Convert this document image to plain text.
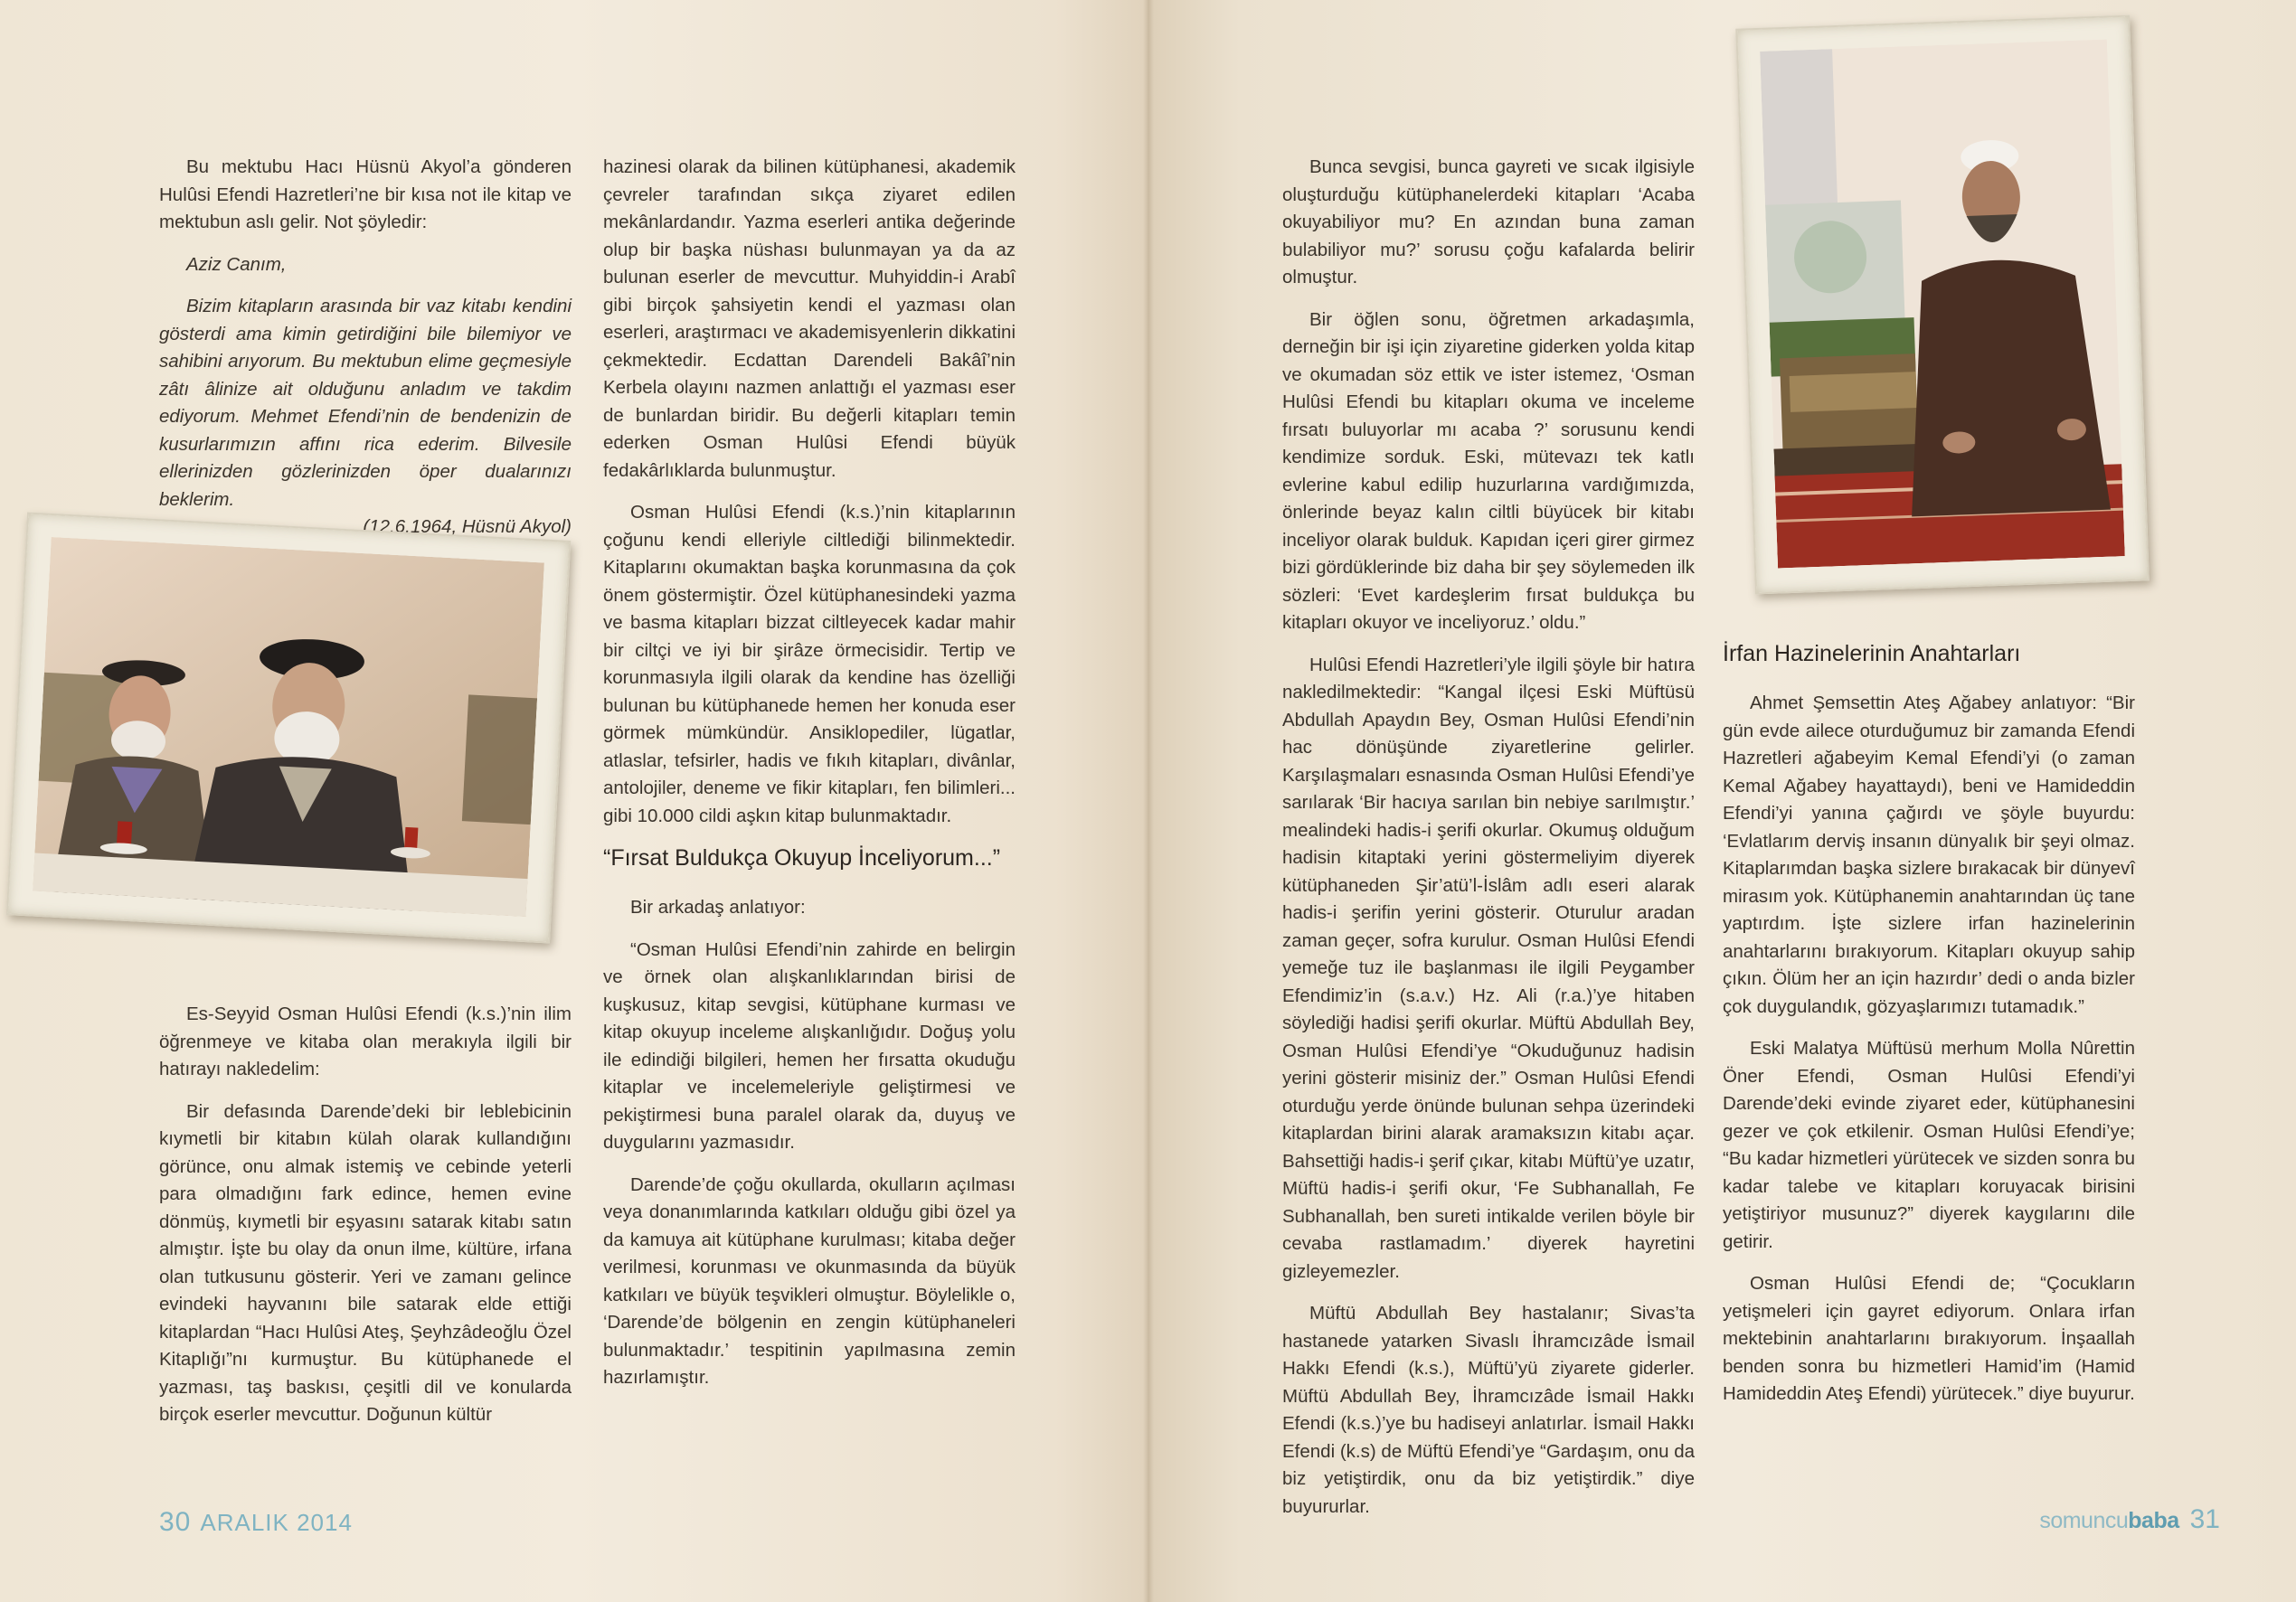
Bu mektubu Hacı Hüsnü Akyol’a gönderen Hulûsi Efendi Hazretleri’ne bir kısa not ile kitap ve mektubun aslı gelir. Not şöyledir:

Aziz Canım,

Bizim kitapların arasında bir vaz kitabı kendini gösterdi ama kimin getirdiğini bile bilemiyor ve sahibini arıyorum. Bu mektubun elime geçmesiyle zâtı âlinize ait olduğunu anladım ve takdim ediyorum. Mehmet Efendi’nin de bendenizin de kusurlarımızın affını rica ederim. Bilvesile ellerinizden gözlerinizden öper dualarınızı beklerim.

(12.6.1964, Hüsnü Akyol)

Es-Seyyid Osman Hulûsi Efendi (k.s.)’nin ilim öğrenmeye ve kitaba olan merakıyla ilgili bir hatırayı nakledelim:

Bir defasında Darende’deki bir leblebicinin kıymetli bir kitabın külah olarak kullandığını görünce, onu almak istemiş ve cebinde yeterli para olmadığını fark edince, hemen evine dönmüş, kıymetli bir eşyasını satarak kitabı satın almıştır. İşte bu olay da onun ilme, kültüre, irfana olan tutkusunu gösterir. Yeri ve zamanı gelince evindeki hayvanını bile satarak elde ettiği kitaplardan “Hacı Hulûsi Ateş, Şeyhzâdeoğlu Özel Kitaplığı”nı kurmuştur. Bu kütüphanede el yazması, taş baskısı, çeşitli dil ve konularda birçok eserler mevcuttur. Doğunun kültür

hazinesi olarak da bilinen kütüphanesi, akademik çevreler tarafından sıkça ziyaret edilen mekânlardandır. Yazma eserleri antika değerinde olup bir başka nüshası bulunmayan ya da az bulunan eserler de mevcuttur. Muhyiddin-i Arabî gibi birçok şahsiyetin kendi el yazması olan eserleri, araştırmacı ve akademisyenlerin dikkatini çekmektedir. Ecdattan Darendeli Bakâî’nin Kerbela olayını nazmen anlattığı el yazması eser de bunlardan biridir. Bu değerli kitapları temin ederken Osman Hulûsi Efendi büyük fedakârlıklarda bulunmuştur.

Osman Hulûsi Efendi (k.s.)’nin kitaplarının çoğunu kendi elleriyle ciltlediği bilinmektedir. Kitaplarını okumaktan başka korunmasına da çok önem göstermiştir. Özel kütüphanesindeki yazma ve basma kitapları bizzat ciltleyecek kadar mahir bir ciltçi ve iyi bir şirâze örmecisidir. Tertip ve korunmasıyla ilgili olarak da kendine has özelliği bulunan bu kütüphanede hemen her konuda eser görmek mümkündür. Ansiklopediler, lügatlar, atlaslar, tefsirler, hadis ve fıkıh kitapları, divânlar, antolojiler, deneme ve fikir kitapları, fen bilimleri... gibi 10.000 cildi aşkın kitap bulunmaktadır.

“Fırsat Buldukça Okuyup İnceliyorum...”

Bir arkadaş anlatıyor:

“Osman Hulûsi Efendi’nin zahirde en belirgin ve örnek olan alışkanlıklarından birisi de kuşkusuz, kitap sevgisi, kütüphane kurması ve kitap okuyup inceleme alışkanlığıdır. Doğuş yolu ile edindiği bilgileri, hemen her fırsatta okuduğu kitaplar ve incelemeleriyle geliştirmesi ve pekiştirmesi buna paralel olarak da, duyuş ve duygularını yazmasıdır.

Darende’de çoğu okullarda, okulların açılması veya donanımlarında katkıları olduğu gibi özel ya da kamuya ait kütüphane kurulması; kitaba değer verilmesi, korunması ve okunmasında da büyük katkıları ve büyük teşvikleri olmuştur. Böylelikle o, ‘Darende’de bölgenin en zengin kütüphaneleri bulunmaktadır.’ tespitinin yapılmasına zemin hazırlamıştır.

30 ARALIK 2014

Bunca sevgisi, bunca gayreti ve sıcak ilgisiyle oluşturduğu kütüphanelerdeki kitapları ‘Acaba okuyabiliyor mu? En azından buna zaman bulabiliyor mu?’ sorusu çoğu kafalarda belirir olmuştur.

Bir öğlen sonu, öğretmen arkadaşımla, derneğin bir işi için ziyaretine giderken yolda kitap ve okumadan söz ettik ve ister istemez, ‘Osman Hulûsi Efendi bu kitapları okuma ve inceleme fırsatı buluyorlar mı acaba ?’ sorusunu kendi kendimize sorduk. Eski, mütevazı tek katlı evlerine kabul edilip huzurlarına vardığımızda, önlerinde beyaz kalın ciltli büyücek bir kitabı inceliyor olarak bulduk. Kapıdan içeri girer girmez bizi gördüklerinde biz daha bir şey söylemeden ilk sözleri: ‘Evet kardeşlerim fırsat buldukça bu kitapları okuyor ve inceliyoruz.’ oldu.”

Hulûsi Efendi Hazretleri’yle ilgili şöyle bir hatıra nakledilmektedir: “Kangal ilçesi Eski Müftüsü Abdullah Apaydın Bey, Osman Hulûsi Efendi’nin hac dönüşünde ziyaretlerine gelirler. Karşılaşmaları esnasında Osman Hulûsi Efendi’ye sarılarak ‘Bir hacıya sarılan bin nebiye sarılmıştır.’ mealindeki hadis-i şerifi okurlar. Okumuş olduğum hadisin kitaptaki yerini göstermeliyim diyerek kütüphaneden Şir’atü’l-İslâm adlı eseri alarak hadis-i şerifin yerini gösterir. Oturulur aradan zaman geçer, sofra kurulur. Osman Hulûsi Efendi yemeğe tuz ile başlanması ile ilgili Peygamber Efendimiz’in (s.a.v.) Hz. Ali (r.a.)’ye hitaben söylediği hadisi şerifi okurlar. Müftü Abdullah Bey, Osman Hulûsi Efendi’ye “Okuduğunuz hadisin yerini gösterir misiniz der.” Osman Hulûsi Efendi oturduğu yerde önünde bulunan sehpa üzerindeki kitaplardan birini alarak aramaksızın kitabı açar. Bahsettiği hadis-i şerif çıkar, kitabı Müftü’ye uzatır, Müftü hadis-i şerifi okur, ‘Fe Subhanallah, Fe Subhanallah, ben sureti intikalde verilen böyle bir cevaba rastlamadım.’ diyerek hayretini gizleyemezler.

Müftü Abdullah Bey hastalanır; Sivas’ta hastanede yatarken Sivaslı İhramcızâde İsmail Hakkı Efendi (k.s.), Müftü’yü ziyarete giderler. Müftü Abdullah Bey, İhramcızâde İsmail Hakkı Efendi (k.s.)’ye bu hadiseyi anlatırlar. İsmail Hakkı Efendi (k.s) de Müftü Efendi’ye “Gardaşım, onu da biz yetiştirdik, onu da biz yetiştirdik.” diye buyururlar.

İrfan Hazinelerinin Anahtarları

Ahmet Şemsettin Ateş Ağabey anlatıyor: “Bir gün evde ailece oturduğumuz bir zamanda Efendi Hazretleri ağabeyim Kemal Efendi’yi (o zaman Kemal Ağabey hayattaydı), beni ve Hamideddin Efendi’yi yanına çağırdı ve şöyle buyurdu: ‘Evlatlarım derviş insanın dünyalık bir şeyi olmaz. Kitaplarımdan başka sizlere bırakacak bir dünyevî mirasım yok. Kütüphanemin anahtarından üç tane yaptırdım. İşte sizlere irfan hazinelerinin anahtarlarını bırakıyorum. Kitapları okuyup sahip çıkın. Ölüm her an için hazırdır’ dedi o anda bizler çok duygulandık, gözyaşlarımızı tutamadık.”

Eski Malatya Müftüsü merhum Molla Nûrettin Öner Efendi, Osman Hulûsi Efendi’yi Darende’deki evinde ziyaret eder, kütüphanesini gezer ve çok etkilenir. Osman Hulûsi Efendi’ye; “Bu kadar hizmetleri yürütecek ve sizden sonra bu kadar talebe ve kitapları koruyacak birisini yetiştiriyor musunuz?” diyerek kaygılarını dile getirir.

Osman Hulûsi Efendi de; “Çocukların yetişmeleri için gayret ediyorum. Onlara irfan mektebinin anahtarlarını bırakıyorum. İnşaallah benden sonra bu hizmetleri Hamid’im (Hamid Hamideddin Ateş Efendi) yürütecek.” diye buyurur.

somuncubaba 31
